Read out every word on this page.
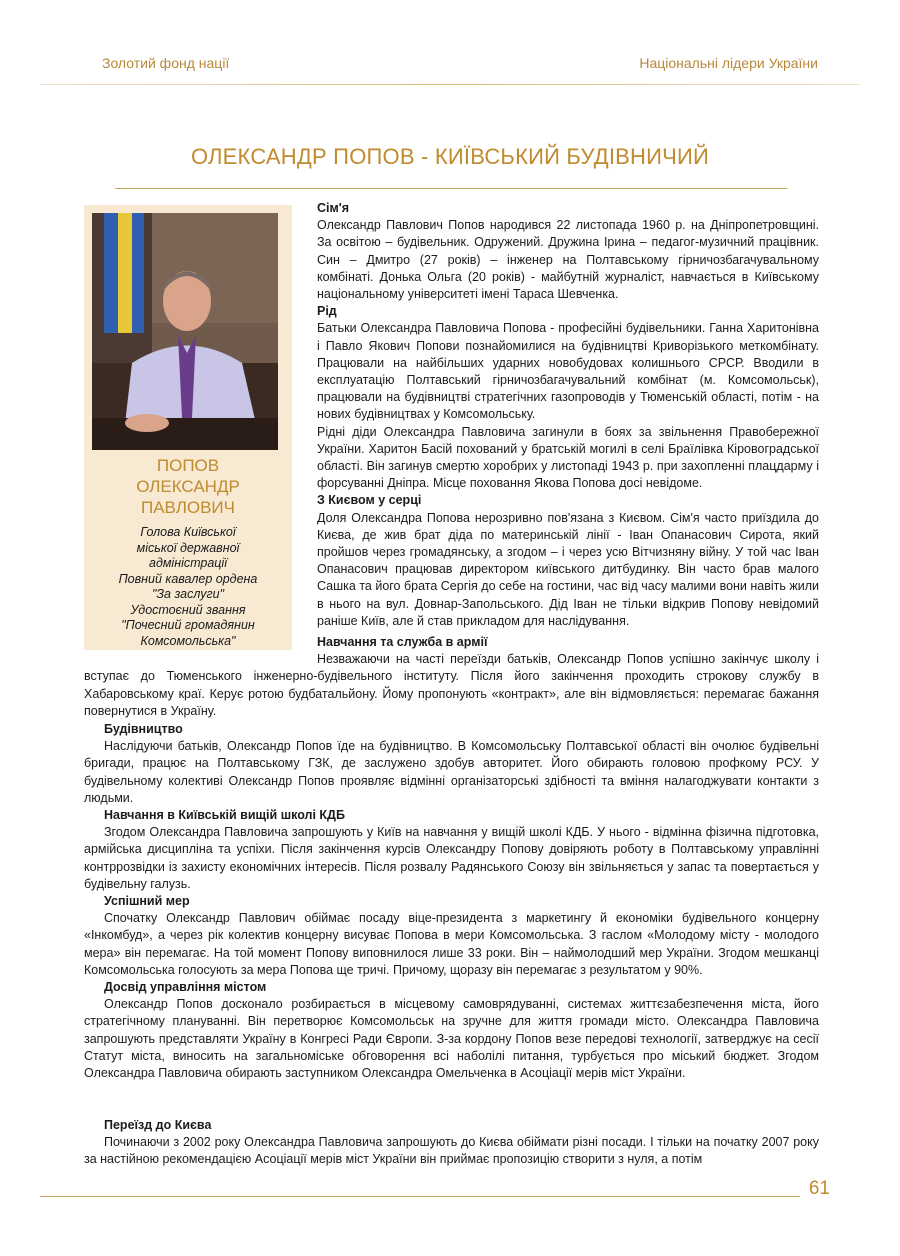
Золотий фонд нації	Національні лідери України
ОЛЕКСАНДР ПОПОВ - КИЇВСЬКИЙ БУДІВНИЧИЙ
ПОПОВ
ОЛЕКСАНДР
ПАВЛОВИЧ
Голова Київської
міської державної
адміністрації
Повний кавалер ордена
"За заслуги"
Удостоєний звання
"Почесний громадянин
Комсомольська"
Сім'я

Олександр Павлович Попов народився 22 листопада 1960 р. на Дніпропетровщині. За освітою – будівельник. Одружений. Дружина Ірина – педагог-музичний працівник. Син – Дмитро (27 років) – інженер на Полтавському гірничозбагачувальному комбінаті. Донька Ольга (20 років) - майбутній журналіст, навчається в Київському національному університеті імені Тараса Шевченка.

Рід

Батьки Олександра Павловича Попова - професійні будівельники. Ганна Харитонівна і Павло Якович Попови познайомилися на будівництві Криворізького меткомбінату. Працювали на найбільших ударних новобудовах колишнього СРСР. Вводили в експлуатацію Полтавський гірничозбагачувальний комбінат (м. Комсомольськ), працювали на будівництві стратегічних газопроводів у Тюменській області, потім - на нових будівництвах у Комсомольську.

Рідні діди Олександра Павловича загинули в боях за звільнення Правобережної України. Харитон Басій похований у братській могилі в селі Браїлівка Кіровоградської області. Він загинув смертю хоробрих у листопаді 1943 р. при захопленні плацдарму і форсуванні Дніпра. Місце поховання Якова Попова досі невідоме.

З Києвом у серці

Доля Олександра Попова нерозривно пов'язана з Києвом. Сім'я часто приїздила до Києва, де жив брат діда по материнській лінії - Іван Опанасович Сирота, який пройшов через громадянську, а згодом – і через усю Вітчизняну війну. У той час Іван Опанасович працював директором київського дитбудинку. Він часто брав малого Сашка та його брата Сергія до себе на гостини, час від часу малими вони навіть жили в нього на вул. Довнар-Запольського. Дід Іван не тільки відкрив Попову невідомий раніше Київ, але й став прикладом для наслідування.

Навчання та служба в армії

Незважаючи на часті переїзди батьків, Олександр Попов успішно закінчує школу і вступає до Тюменського інженерно-будівельного інституту. Після його закінчення проходить строкову службу в Хабаровському краї. Керує ротою будбатальйону. Йому пропонують «контракт», але він відмовляється: перемагає бажання повернутися в Україну.

Будівництво

Наслідуючи батьків, Олександр Попов їде на будівництво. В Комсомольську Полтавської області він очолює будівельні бригади, працює на Полтавському ГЗК, де заслужено здобув авторитет. Його обирають головою профкому РСУ. У будівельному колективі Олександр Попов проявляє відмінні організаторські здібності та вміння налагоджувати контакти з людьми.

Навчання в Київській вищій школі КДБ

Згодом Олександра Павловича запрошують у Київ на навчання у вищій школі КДБ. У нього - відмінна фізична підготовка, армійська дисципліна та успіхи. Після закінчення курсів Олександру Попову довіряють роботу в Полтавському управлінні контррозвідки із захисту економічних інтересів. Після розвалу Радянського Союзу він звільняється у запас та повертається у будівельну галузь.

Успішний мер

Спочатку Олександр Павлович обіймає посаду віце-президента з маркетингу й економіки будівельного концерну «Інкомбуд», а через рік колектив концерну висуває Попова в мери Комсомольська. З гаслом «Молодому місту - молодого мера» він перемагає. На той момент Попову виповнилося лише 33 роки. Він – наймолодший мер України. Згодом мешканці Комсомольська голосують за мера Попова ще тричі. Причому, щоразу він перемагає з результатом у 90%.

Досвід управління містом

Олександр Попов досконало розбирається в місцевому самоврядуванні, системах життєзабезпечення міста, його стратегічному плануванні. Він перетворює Комсомольськ на зручне для життя громади місто. Олександра Павловича запрошують представляти Україну в Конгресі Ради Європи. З-за кордону Попов везе передові технології, затверджує на сесії Статут міста, виносить на загальноміське обговорення всі наболілі питання, турбується про міський бюджет. Згодом Олександра Павловича обирають заступником Олександра Омельченка в Асоціації мерів міст України.

Переїзд до Києва

Починаючи з 2002 року Олександра Павловича запрошують до Києва обіймати різні посади. І тільки на початку 2007 року за настійною рекомендацією Асоціації мерів міст України він приймає пропозицію створити з нуля, а потім

61
